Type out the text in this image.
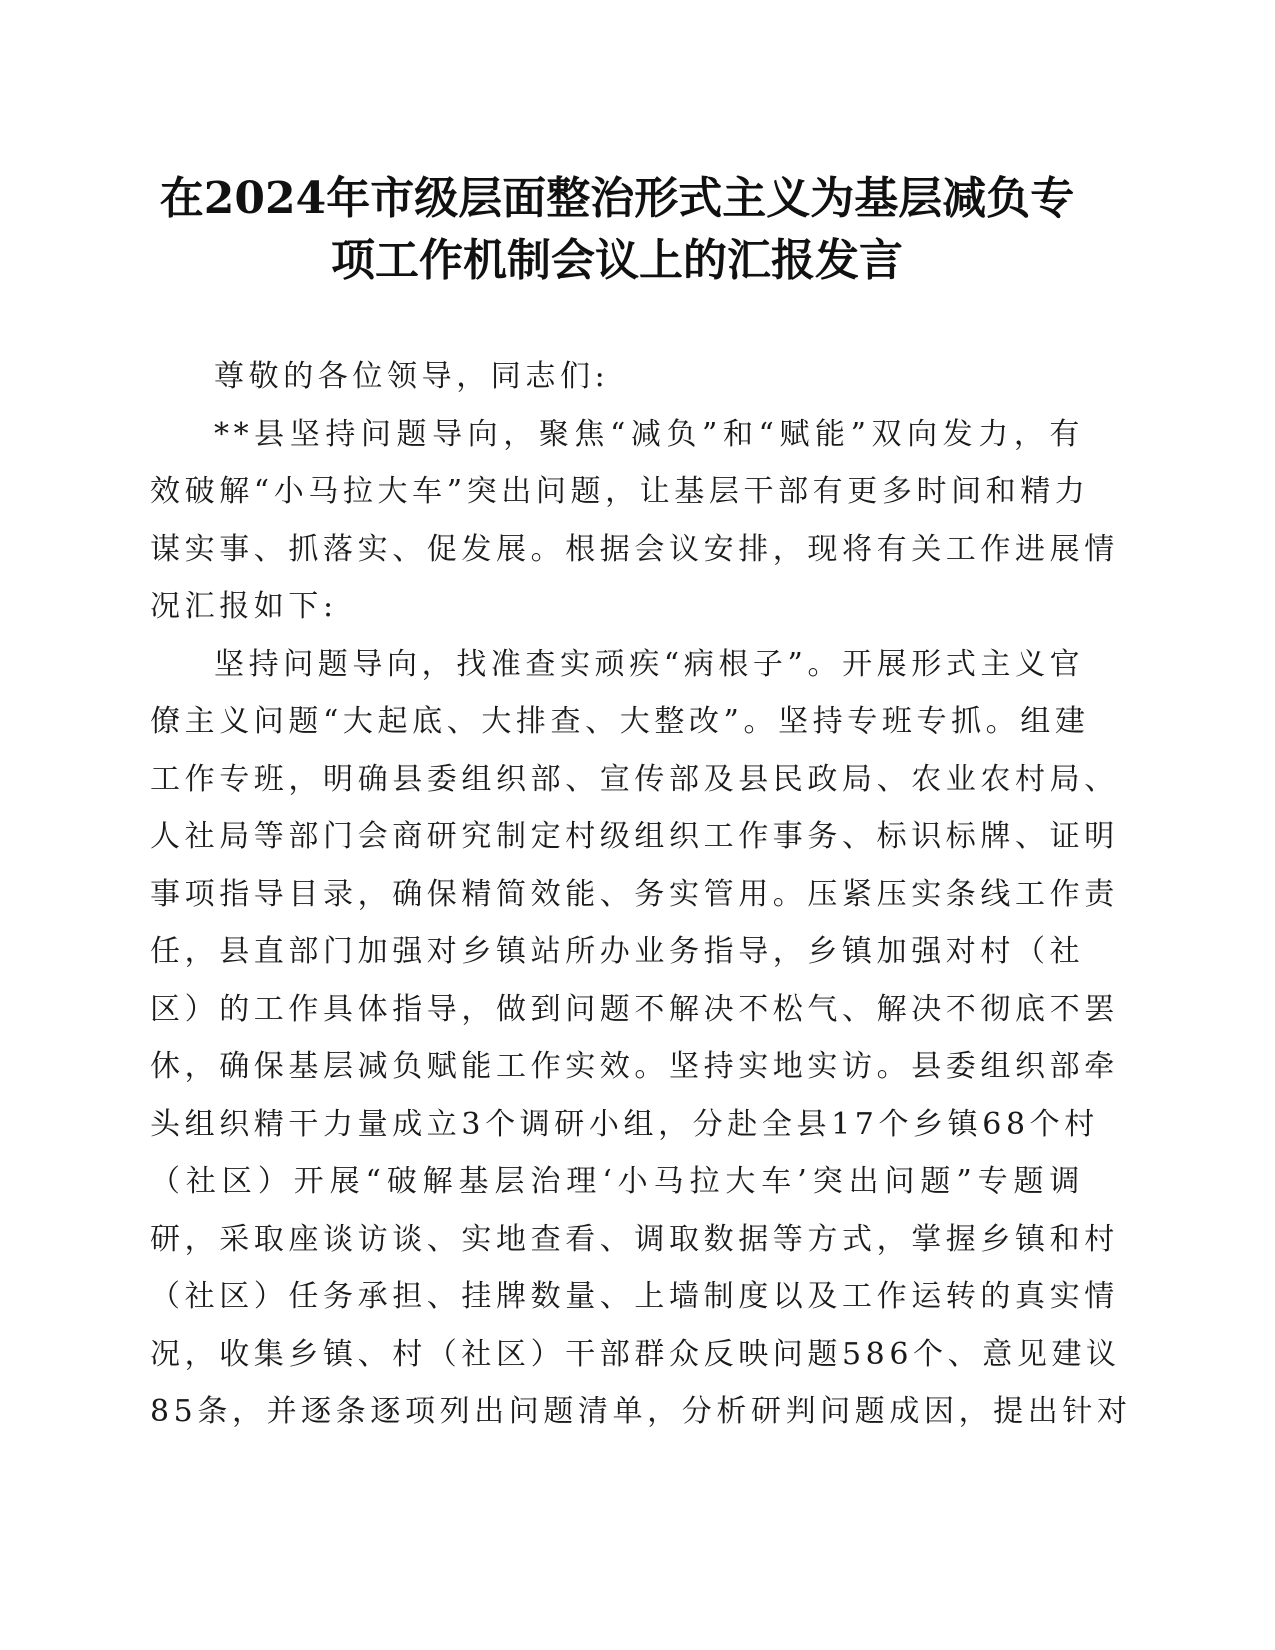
在2024年市级层面整治形式主义为基层减负专
项工作机制会议上的汇报发言

尊敬的各位领导，同志们:

**县坚持问题导向，聚焦“减负”和“赋能”双向发力，有
效破解“小马拉大车”突出问题，让基层干部有更多时间和精力
谋实事、抓落实、促发展。根据会议安排，现将有关工作进展情
况汇报如下:

坚持问题导向，找准查实顽疾“病根子”。开展形式主义官
僚主义问题“大起底、大排查、大整改”。坚持专班专抓。组建
工作专班，明确县委组织部、宣传部及县民政局、农业农村局、
人社局等部门会商研究制定村级组织工作事务、标识标牌、证明
事项指导目录，确保精简效能、务实管用。压紧压实条线工作责
任，县直部门加强对乡镇站所办业务指导，乡镇加强对村（社
区）的工作具体指导，做到问题不解决不松气、解决不彻底不罢
休，确保基层减负赋能工作实效。坚持实地实访。县委组织部牵
头组织精干力量成立3个调研小组，分赴全县17个乡镇68个村
（社区）开展“破解基层治理‘小马拉大车’突出问题”专题调
研，采取座谈访谈、实地查看、调取数据等方式，掌握乡镇和村
（社区）任务承担、挂牌数量、上墙制度以及工作运转的真实情
况，收集乡镇、村（社区）干部群众反映问题586个、意见建议
85条，并逐条逐项列出问题清单，分析研判问题成因，提出针对
